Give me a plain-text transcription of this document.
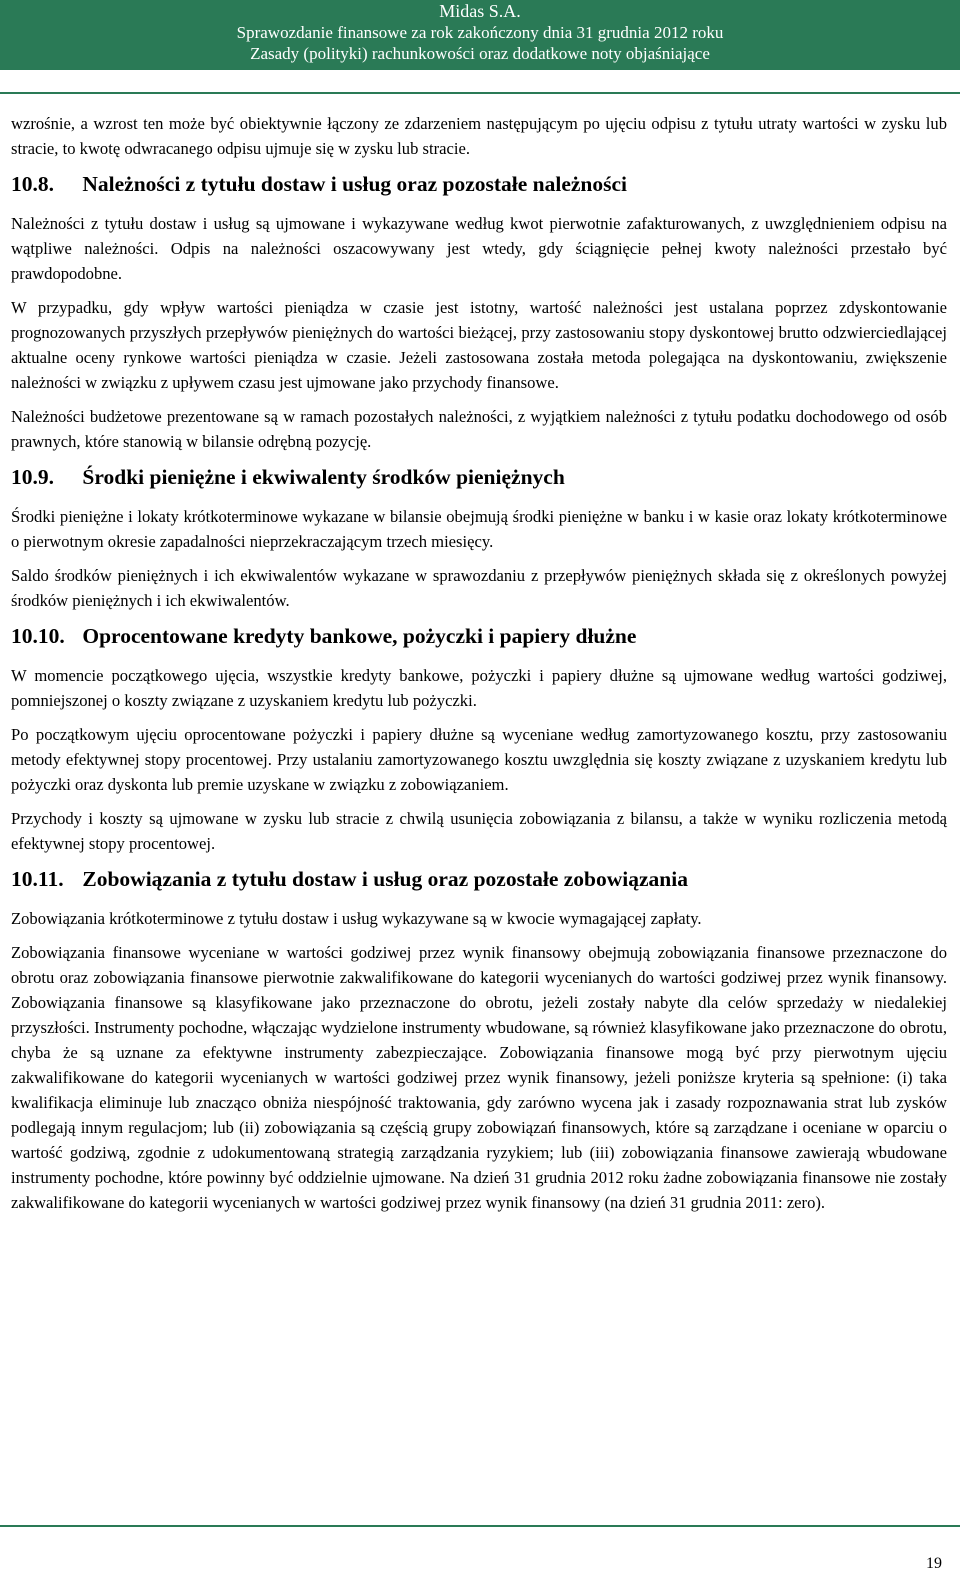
Midas S.A.
Sprawozdanie finansowe za rok zakończony dnia 31 grudnia 2012 roku
Zasady (polityki) rachunkowości oraz dodatkowe noty objaśniające

wzrośnie, a wzrost ten może być obiektywnie łączony ze zdarzeniem następującym po ujęciu odpisu z tytułu utraty wartości w zysku lub stracie, to kwotę odwracanego odpisu ujmuje się w zysku lub stracie.

10.8. Należności z tytułu dostaw i usług oraz pozostałe należności

Należności z tytułu dostaw i usług są ujmowane i wykazywane według kwot pierwotnie zafakturowanych, z uwzględnieniem odpisu na wątpliwe należności. Odpis na należności oszacowywany jest wtedy, gdy ściągnięcie pełnej kwoty należności przestało być prawdopodobne.

W przypadku, gdy wpływ wartości pieniądza w czasie jest istotny, wartość należności jest ustalana poprzez zdyskontowanie prognozowanych przyszłych przepływów pieniężnych do wartości bieżącej, przy zastosowaniu stopy dyskontowej brutto odzwierciedlającej aktualne oceny rynkowe wartości pieniądza w czasie. Jeżeli zastosowana została metoda polegająca na dyskontowaniu, zwiększenie należności w związku z upływem czasu jest ujmowane jako przychody finansowe.

Należności budżetowe prezentowane są w ramach pozostałych należności, z wyjątkiem należności z tytułu podatku dochodowego od osób prawnych, które stanowią w bilansie odrębną pozycję.

10.9. Środki pieniężne i ekwiwalenty środków pieniężnych

Środki pieniężne i lokaty krótkoterminowe wykazane w bilansie obejmują środki pieniężne w banku i w kasie oraz lokaty krótkoterminowe o pierwotnym okresie zapadalności nieprzekraczającym trzech miesięcy.

Saldo środków pieniężnych i ich ekwiwalentów wykazane w sprawozdaniu z przepływów pieniężnych składa się z określonych powyżej środków pieniężnych i ich ekwiwalentów.

10.10. Oprocentowane kredyty bankowe, pożyczki i papiery dłużne

W momencie początkowego ujęcia, wszystkie kredyty bankowe, pożyczki i papiery dłużne są ujmowane według wartości godziwej, pomniejszonej o koszty związane z uzyskaniem kredytu lub pożyczki.

Po początkowym ujęciu oprocentowane pożyczki i papiery dłużne są wyceniane według zamortyzowanego kosztu, przy zastosowaniu metody efektywnej stopy procentowej. Przy ustalaniu zamortyzowanego kosztu uwzględnia się koszty związane z uzyskaniem kredytu lub pożyczki oraz dyskonta lub premie uzyskane w związku z zobowiązaniem.

Przychody i koszty są ujmowane w zysku lub stracie z chwilą usunięcia zobowiązania z bilansu, a także w wyniku rozliczenia metodą efektywnej stopy procentowej.

10.11. Zobowiązania z tytułu dostaw i usług oraz pozostałe zobowiązania

Zobowiązania krótkoterminowe z tytułu dostaw i usług wykazywane są w kwocie wymagającej zapłaty.

Zobowiązania finansowe wyceniane w wartości godziwej przez wynik finansowy obejmują zobowiązania finansowe przeznaczone do obrotu oraz zobowiązania finansowe pierwotnie zakwalifikowane do kategorii wycenianych do wartości godziwej przez wynik finansowy. Zobowiązania finansowe są klasyfikowane jako przeznaczone do obrotu, jeżeli zostały nabyte dla celów sprzedaży w niedalekiej przyszłości. Instrumenty pochodne, włączając wydzielone instrumenty wbudowane, są również klasyfikowane jako przeznaczone do obrotu, chyba że są uznane za efektywne instrumenty zabezpieczające. Zobowiązania finansowe mogą być przy pierwotnym ujęciu zakwalifikowane do kategorii wycenianych w wartości godziwej przez wynik finansowy, jeżeli poniższe kryteria są spełnione: (i) taka kwalifikacja eliminuje lub znacząco obniża niespójność traktowania, gdy zarówno wycena jak i zasady rozpoznawania strat lub zysków podlegają innym regulacjom; lub (ii) zobowiązania są częścią grupy zobowiązań finansowych, które są zarządzane i oceniane w oparciu o wartość godziwą, zgodnie z udokumentowaną strategią zarządzania ryzykiem; lub (iii) zobowiązania finansowe zawierają wbudowane instrumenty pochodne, które powinny być oddzielnie ujmowane. Na dzień 31 grudnia 2012 roku żadne zobowiązania finansowe nie zostały zakwalifikowane do kategorii wycenianych w wartości godziwej przez wynik finansowy (na dzień 31 grudnia 2011: zero).

19
